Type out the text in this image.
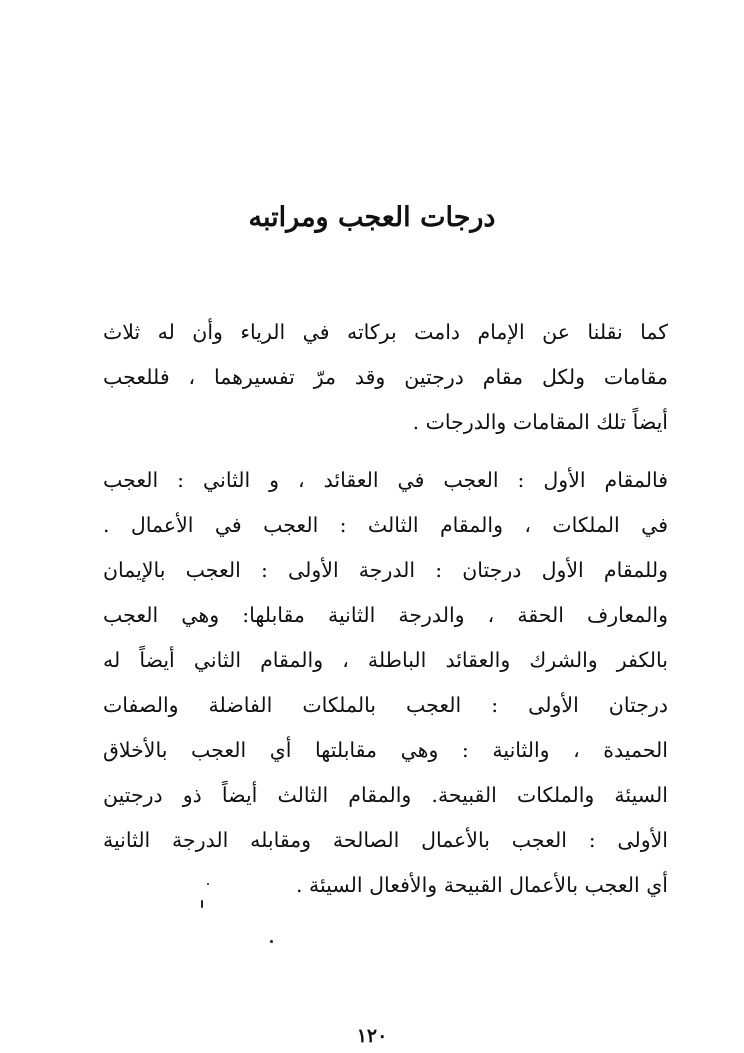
درجات العجب ومراتبه

كما نقلنا عن الإمام دامت بركاته في الرياء وأن له ثلاث
مقامات ولكل مقام درجتين وقد مرّ تفسيرهما ، فللعجب
أيضاً تلك المقامات والدرجات .

فالمقام الأول : العجب في العقائد ، و الثاني : العجب
في الملكات ، والمقام الثالث : العجب في الأعمال .
وللمقام الأول درجتان : الدرجة الأولى : العجب بالإيمان
والمعارف الحقة ، والدرجة الثانية مقابلها: وهي العجب
بالكفر والشرك والعقائد الباطلة ، والمقام الثاني أيضاً له
درجتان الأولى : العجب بالملكات الفاضلة والصفات
الحميدة ، والثانية : وهي مقابلتها أي العجب بالأخلاق
السيئة والملكات القبيحة. والمقام الثالث أيضاً ذو درجتين
الأولى : العجب بالأعمال الصالحة ومقابله الدرجة الثانية
أي العجب بالأعمال القبيحة والأفعال السيئة .

١٢٠
